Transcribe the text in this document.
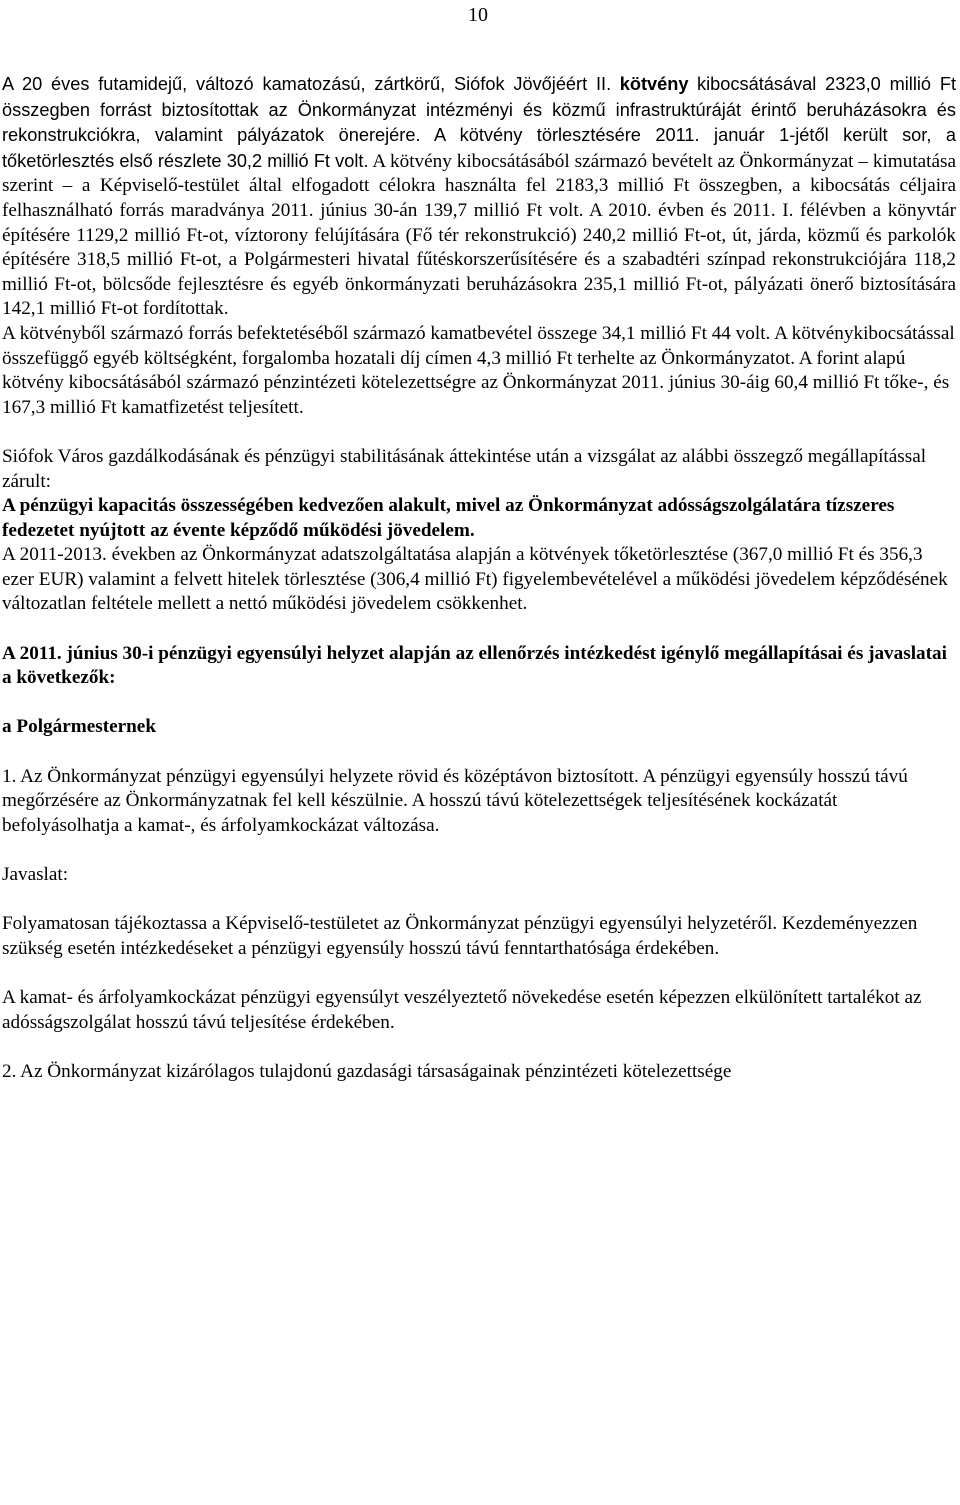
10

A 20 éves futamidejű, változó kamatozású, zártkörű, Siófok Jövőjéért II. kötvény kibocsátásával 2323,0 millió Ft összegben forrást biztosítottak az Önkormányzat intézményi és közmű infrastruktúráját érintő beruházásokra és rekonstrukciókra, valamint pályázatok önerejére. A kötvény törlesztésére 2011. január 1-jétől került sor, a tőketörlesztés első részlete 30,2 millió Ft volt. A kötvény kibocsátásából származó bevételt az Önkormányzat – kimutatása szerint – a Képviselő-testület által elfogadott célokra használta fel 2183,3 millió Ft összegben, a kibocsátás céljaira felhasználható forrás maradványa 2011. június 30-án 139,7 millió Ft volt. A 2010. évben és 2011. I. félévben a könyvtár építésére 1129,2 millió Ft-ot, víztorony felújítására (Fő tér rekonstrukció) 240,2 millió Ft-ot, út, járda, közmű és parkolók építésére 318,5 millió Ft-ot, a Polgármesteri hivatal fűtéskorszerűsítésére és a szabadtéri színpad rekonstrukciójára 118,2 millió Ft-ot, bölcsőde fejlesztésre és egyéb önkormányzati beruházásokra 235,1 millió Ft-ot, pályázati önerő biztosítására 142,1 millió Ft-ot fordítottak.

A kötvényből származó forrás befektetéséből származó kamatbevétel összege 34,1 millió Ft 44 volt. A kötvénykibocsátással összefüggő egyéb költségként, forgalomba hozatali díj címen 4,3 millió Ft terhelte az Önkormányzatot. A forint alapú kötvény kibocsátásából származó pénzintézeti kötelezettségre az Önkormányzat 2011. június 30-áig 60,4 millió Ft tőke-, és 167,3 millió Ft kamatfizetést teljesített.

Siófok Város gazdálkodásának és pénzügyi stabilitásának áttekintése után a vizsgálat az alábbi összegző megállapítással zárult:

A pénzügyi kapacitás összességében kedvezően alakult, mivel az Önkormányzat adósságszolgálatára tízszeres fedezetet nyújtott az évente képződő működési jövedelem.

A 2011-2013. években az Önkormányzat adatszolgáltatása alapján a kötvények tőketörlesztése (367,0 millió Ft és 356,3 ezer EUR) valamint a felvett hitelek törlesztése (306,4 millió Ft) figyelembevételével a működési jövedelem képződésének változatlan feltétele mellett a nettó működési jövedelem csökkenhet.

A 2011. június 30-i pénzügyi egyensúlyi helyzet alapján az ellenőrzés intézkedést igénylő megállapításai és javaslatai a következők:

a Polgármesternek

1. Az Önkormányzat pénzügyi egyensúlyi helyzete rövid és középtávon biztosított. A pénzügyi egyensúly hosszú távú megőrzésére az Önkormányzatnak fel kell készülnie. A hosszú távú kötelezettségek teljesítésének kockázatát befolyásolhatja a kamat-, és árfolyamkockázat változása.

Javaslat:

Folyamatosan tájékoztassa a Képviselő-testületet az Önkormányzat pénzügyi egyensúlyi helyzetéről. Kezdeményezzen szükség esetén intézkedéseket a pénzügyi egyensúly hosszú távú fenntarthatósága érdekében.

A kamat- és árfolyamkockázat pénzügyi egyensúlyt veszélyeztető növekedése esetén képezzen elkülönített tartalékot az adósságszolgálat hosszú távú teljesítése érdekében.

2. Az Önkormányzat kizárólagos tulajdonú gazdasági társaságainak pénzintézeti kötelezettsége
